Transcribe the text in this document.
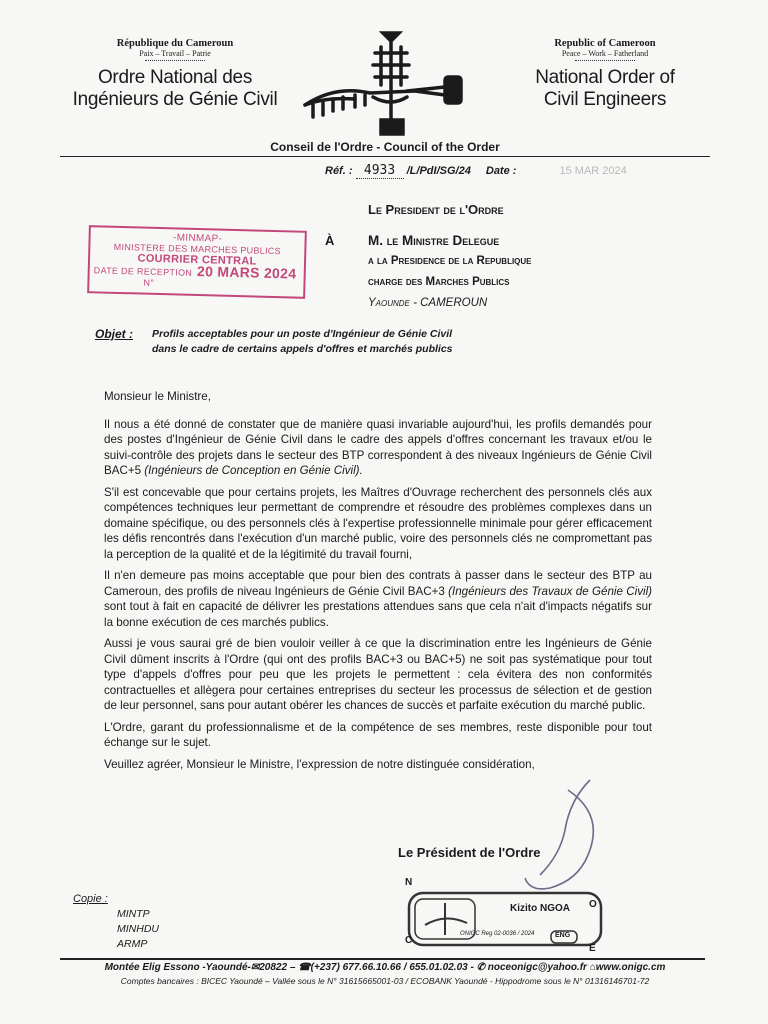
République du Cameroun
Paix – Travail – Patrie
Ordre National des
Ingénieurs de Génie Civil
Republic of Cameroon
Peace – Work – Fatherland
National Order of
Civil Engineers
Conseil de l'Ordre - Council of the Order
Réf. : 4933 /L/PdI/SG/24 Date :	15 MAR 2024
Le President de l'Ordre
-MINMAP-
MINISTERE DES MARCHES PUBLICS
COURRIER CENTRAL
DATE DE RECEPTION 20 MARS 2024
N°
À M. le Ministre Delegue
a la Presidence de la Republique
charge des Marches Publics
Yaounde - CAMEROUN
Objet : Profils acceptables pour un poste d'Ingénieur de Génie Civil
dans le cadre de certains appels d'offres et marchés publics

Monsieur le Ministre,

Il nous a été donné de constater que de manière quasi invariable aujourd'hui, les profils demandés pour des postes d'Ingénieur de Génie Civil dans le cadre des appels d'offres concernant les travaux et/ou le suivi-contrôle des projets dans le secteur des BTP correspondent à des niveaux Ingénieurs de Génie Civil BAC+5 (Ingénieurs de Conception en Génie Civil).

S'il est concevable que pour certains projets, les Maîtres d'Ouvrage recherchent des personnels clés aux compétences techniques leur permettant de comprendre et résoudre des problèmes complexes dans un domaine spécifique, ou des personnels clés à l'expertise professionnelle minimale pour gérer efficacement les défis rencontrés dans l'exécution d'un marché public, voire des personnels clés ne compromettant pas la perception de la qualité et de la légitimité du travail fourni,

Il n'en demeure pas moins acceptable que pour bien des contrats à passer dans le secteur des BTP au Cameroun, des profils de niveau Ingénieurs de Génie Civil BAC+3 (Ingénieurs des Travaux de Génie Civil) sont tout à fait en capacité de délivrer les prestations attendues sans que cela n'ait d'impacts négatifs sur la bonne exécution de ces marchés publics.

Aussi je vous saurai gré de bien vouloir veiller à ce que la discrimination entre les Ingénieurs de Génie Civil dûment inscrits à l'Ordre (qui ont des profils BAC+3 ou BAC+5) ne soit pas systématique pour tout type d'appels d'offres pour peu que les projets le permettent : cela évitera des non conformités contractuelles et allègera pour certaines entreprises du secteur les processus de sélection et de gestion de leur personnel, sans pour autant obérer les chances de succès et parfaite exécution du marché public.

L'Ordre, garant du professionnalisme et de la compétence de ses membres, reste disponible pour tout échange sur le sujet.

Veuillez agréer, Monsieur le Ministre, l'expression de notre distinguée considération,

Le Président de l'Ordre
N
O
C
E
Kizito NGOA
ONIGC Reg 02-0036 / 2024	ENG
Copie :
MINTP
MINHDU
ARMP
Montée Elig Essono -Yaoundé-✉20822 – ☎(+237) 677.66.10.66 / 655.01.02.03 - ✆ noceonigc@yahoo.fr ⌂www.onigc.cm
Comptes bancaires : BICEC Yaoundé – Vallée sous le N° 31615665001-03 / ECOBANK Yaoundé - Hippodrome sous le N° 01316146701-72
